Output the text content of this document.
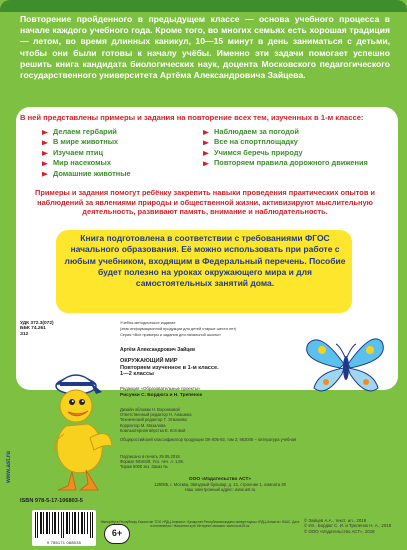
Повторение пройденного в предыдущем классе — основа учебного процесса в начале каждого учебного года. Кроме того, во многих семьях есть хорошая традиция — летом, во время длинных каникул, 10—15 минут в день заниматься с детьми, чтобы они были готовы к началу учёбы. Именно эти задачи помогает успешно решить книга кандидата биологических наук, доцента Московского педагогического государственного университета Артёма Александровича Зайцева.

В ней представлены примеры и задания на повторение всех тем, изученных в 1-м классе:

Делаем гербарий
В мире животных
Изучаем птиц
Мир насекомых
Домашние животные
Наблюдаем за погодой
Все на спортплощадку
Учимся беречь природу
Повторяем правила дорожного движения

Примеры и задания помогут ребёнку закрепить навыки проведения практических опытов и наблюдений за явлениями природы и общественной жизни, активизируют мыслительную деятельность, развивают память, внимание и наблюдательность.

Книга подготовлена в соответствии с требованиями ФГОС начального образования. Её можно использовать при работе с любым учебником, входящим в Федеральный перечень. Пособие будет полезно на уроках окружающего мира и для самостоятельных занятий дома.

УДК 372.3(072)
ББК 74.261
З12
Учебно-методическое издание
(знак информационной продукции для детей старше шести лет)
Серия «Все примеры и задания для начальной школы»
Артём Александрович Зайцев
ОКРУЖАЮЩИЙ МИР
Повторяем изученное в 1-м классе.
1—2 классы
Редакция «Образовательные проекты»
Рисунки С. Бордюга и Н. Трепенок
Дизайн обложки Н. Воронковой
Ответственный редактор Н. Анашина
Технический редактор Т. Этманова
Корректор М. Мазалова
Компьютерная вёрстка Е. Котовой
Общероссийский классификатор продукции ОК-005-93, том 2; 953005 – литература учебная
Подписано в печать 29.05.2018.
Формат 60x84/8. Усл. печ. л. 1,86.
Тираж 5000 экз. Заказ №
ООО «Издательство АСТ»
129085, г. Москва, Звёздный бульвар, д. 21, строение 1, комната 39
Наш электронный адрес: www.ast.ru
ISBN 978-5-17-106803-5
www.ast.ru
9 785171 068035
6+
Импортёр в Республику Казахстан ТОО «РДЦ-Алматы». Қазақстан Республикасындағы импорттаушы «РДЦ-Алматы» ЖШС. Дата изготовления / Жасалған күні: Интернет-магазин: www.book24.kz
© Зайцев А.А., текст, ил., 2018
© Ил., Бордюг С. И. и Трепенок Н. А., 2018
© ООО «Издательство АСТ», 2018
